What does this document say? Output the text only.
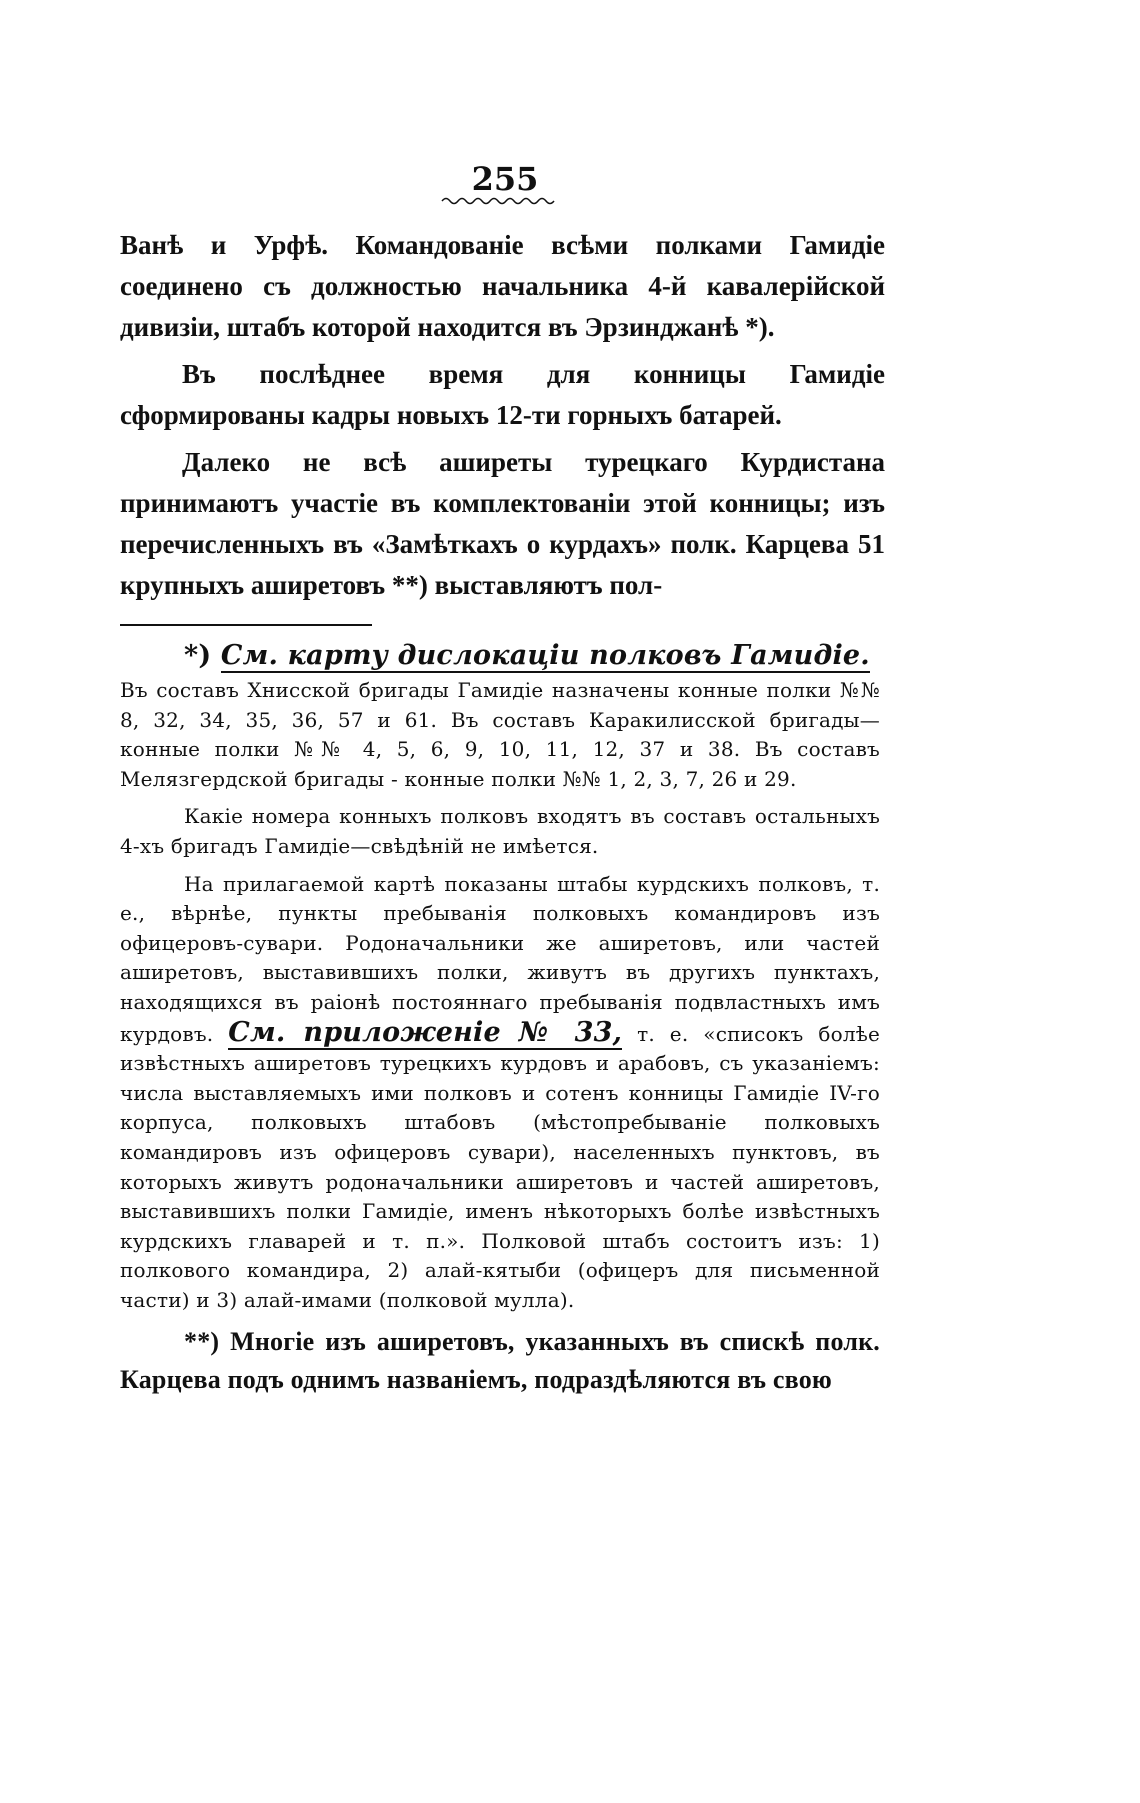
255

Ванѣ и Урфѣ. Командованіе всѣми полками Гамидіе соединено съ должностью начальника 4-й кавалерійской дивизіи, штабъ которой находится въ Эрзинджанѣ *).

Въ послѣднее время для конницы Гамидіе сформированы кадры новыхъ 12-ти горныхъ батарей.

Далеко не всѣ аширеты турецкаго Курдистана принимаютъ участіе въ комплектованіи этой конницы; изъ перечисленныхъ въ «Замѣткахъ о курдахъ» полк. Карцева 51 крупныхъ аширетовъ **) выставляютъ пол-

*) См. карту дислокаціи полковъ Гамидіе.

Въ составъ Хнисской бригады Гамидіе назначены конные полки №№ 8, 32, 34, 35, 36, 57 и 61. Въ составъ Каракилисской бригады—конные полки №№ 4, 5, 6, 9, 10, 11, 12, 37 и 38. Въ составъ Мелязгердской бригады - конные полки №№ 1, 2, 3, 7, 26 и 29.

Какіе номера конныхъ полковъ входятъ въ составъ остальныхъ 4-хъ бригадъ Гамидіе—свѣдѣній не имѣется.

На прилагаемой картѣ показаны штабы курдскихъ полковъ, т. е., вѣрнѣе, пункты пребыванія полковыхъ командировъ изъ офицеровъ-сувари. Родоначальники же аширетовъ, или частей аширетовъ, выставившихъ полки, живутъ въ другихъ пунктахъ, находящихся въ раіонѣ постояннаго пребыванія подвластныхъ имъ курдовъ. См. приложеніе № 33, т. е. «списокъ болѣе извѣстныхъ аширетовъ турецкихъ курдовъ и арабовъ, съ указаніемъ: числа выставляемыхъ ими полковъ и сотенъ конницы Гамидіе IV-го корпуса, полковыхъ штабовъ (мѣстопребываніе полковыхъ командировъ изъ офицеровъ сувари), населенныхъ пунктовъ, въ которыхъ живутъ родоначальники аширетовъ и частей аширетовъ, выставившихъ полки Гамидіе, именъ нѣкоторыхъ болѣе извѣстныхъ курдскихъ главарей и т. п.». Полковой штабъ состоитъ изъ: 1) полкового командира, 2) алай-кятыби (офицеръ для письменной части) и 3) алай-имами (полковой мулла).

**) Многіе изъ аширетовъ, указанныхъ въ спискѣ полк. Карцева подъ однимъ названіемъ, подраздѣляются въ свою
